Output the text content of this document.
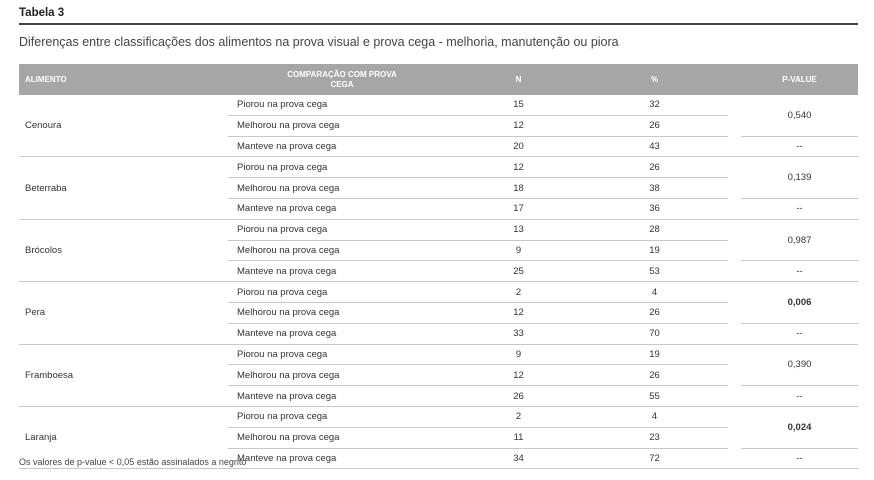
Tabela 3
Diferenças entre classificações dos alimentos na prova visual e prova cega - melhoria, manutenção ou piora
ALIMENTO	COMPARAÇÃO COM PROVA CEGA	N	%		P-VALUE
Cenoura	Piorou na prova cega	15	32		0,540
	Melhorou na prova cega	12	26		
	Manteve na prova cega	20	43		--
Beterraba	Piorou na prova cega	12	26		0,139
	Melhorou na prova cega	18	38		
	Manteve na prova cega	17	36		--
Brócolos	Piorou na prova cega	13	28		0,987
	Melhorou na prova cega	9	19		
	Manteve na prova cega	25	53		--
Pera	Piorou na prova cega	2	4		0,006
	Melhorou na prova cega	12	26		
	Manteve na prova cega	33	70		--
Framboesa	Piorou na prova cega	9	19		0,390
	Melhorou na prova cega	12	26		
	Manteve na prova cega	26	55		--
Laranja	Piorou na prova cega	2	4		0,024
	Melhorou na prova cega	11	23		
	Manteve na prova cega	34	72		--
Os valores de p-value < 0,05 estão assinalados a negrito
